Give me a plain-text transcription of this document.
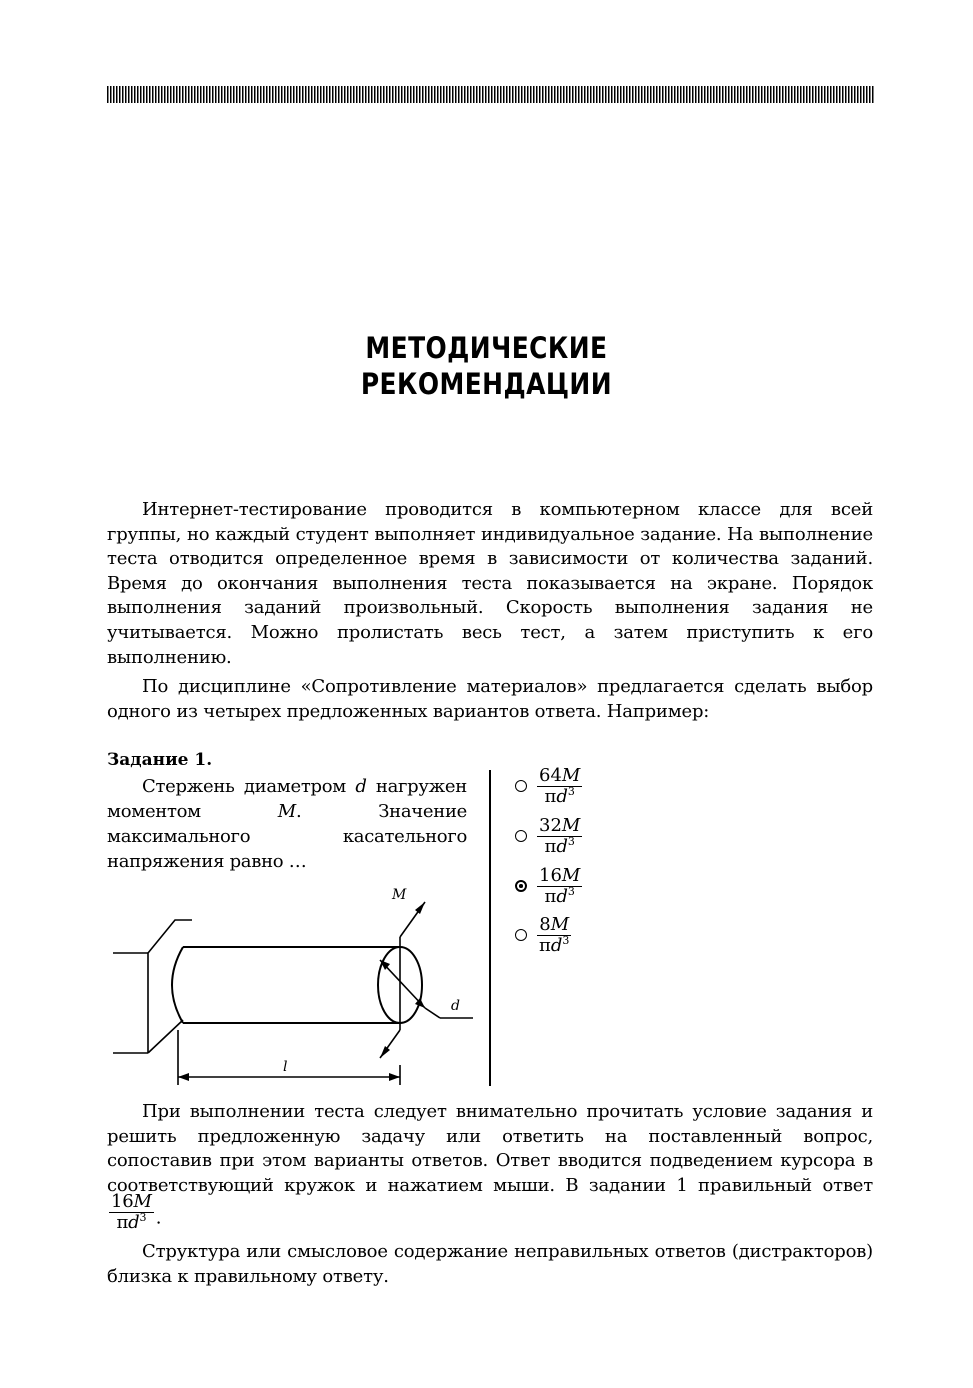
МЕТОДИЧЕСКИЕ
РЕКОМЕНДАЦИИ

Интернет-тестирование проводится в компьютерном классе для всей группы, но каждый студент выполняет индивидуальное задание. На выполнение теста отводится определенное время в зависимости от количества заданий. Время до окончания выполнения теста показывается на экране. Порядок выполнения заданий произвольный. Скорость выполнения задания не учитывается. Можно пролистать весь тест, а затем приступить к его выполнению.

По дисциплине «Сопротивление материалов» предлагается сделать выбор одного из четырех предложенных вариантов ответа. Например:

Задание 1.
Стержень диаметром d нагружен моментом M. Значение максимального касательного напряжения равно …
M
d
l
$\frac{64M}{\pi d^3}$
$\frac{32M}{\pi d^3}$
$\frac{16M}{\pi d^3}$
$\frac{8M}{\pi d^3}$

При выполнении теста следует внимательно прочитать условие задания и решить предложенную задачу или ответить на поставленный вопрос, сопоставив при этом варианты ответов. Ответ вводится подведением курсора в соответствующий кружок и нажатием мыши. В задании 1 правильный ответ
$\frac{16M}{\pi d^3}$ .

Структура или смысловое содержание неправильных ответов (дистракторов) близка к правильному ответу.
